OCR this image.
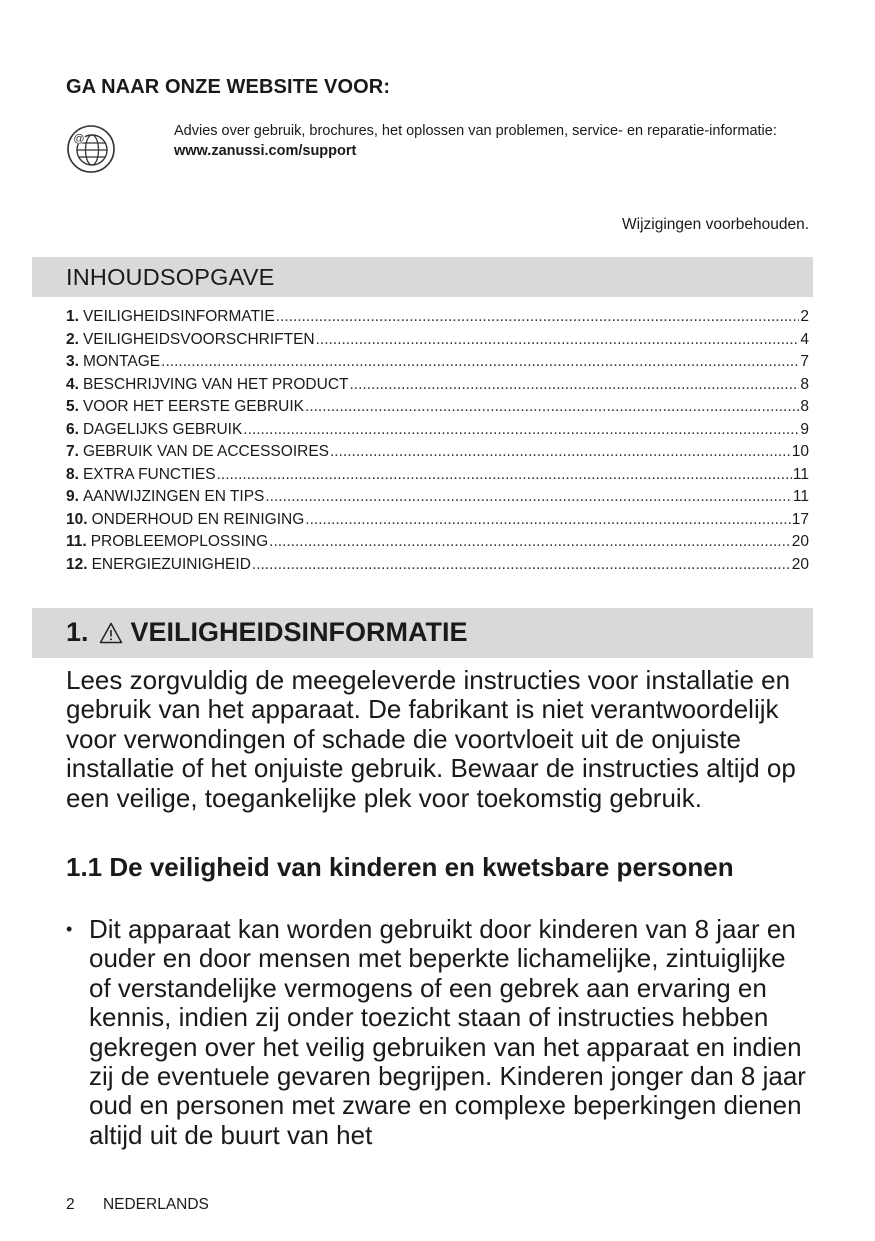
GA NAAR ONZE WEBSITE VOOR:
@	Advies over gebruik, brochures, het oplossen van problemen, service- en reparatie-informatie:
www.zanussi.com/support
Wijzigingen voorbehouden.
INHOUDSOPGAVE
1. VEILIGHEIDSINFORMATIE .....	2
2. VEILIGHEIDSVOORSCHRIFTEN .....	4
3. MONTAGE .....	7
4. BESCHRIJVING VAN HET PRODUCT .....	8
5. VOOR HET EERSTE GEBRUIK .....	8
6. DAGELIJKS GEBRUIK .....	9
7. GEBRUIK VAN DE ACCESSOIRES .....	10
8. EXTRA FUNCTIES .....	11
9. AANWIJZINGEN EN TIPS .....	11
10. ONDERHOUD EN REINIGING .....	17
11. PROBLEEMOPLOSSING .....	20
12. ENERGIEZUINIGHEID .....	20
1. VEILIGHEIDSINFORMATIE

Lees zorgvuldig de meegeleverde instructies voor installatie en gebruik van het apparaat. De fabrikant is niet verantwoordelijk voor verwondingen of schade die voortvloeit uit de onjuiste installatie of het onjuiste gebruik. Bewaar de instructies altijd op een veilige, toegankelijke plek voor toekomstig gebruik.

1.1 De veiligheid van kinderen en kwetsbare personen
• Dit apparaat kan worden gebruikt door kinderen van 8 jaar en ouder en door mensen met beperkte lichamelijke, zintuiglijke of verstandelijke vermogens of een gebrek aan ervaring en kennis, indien zij onder toezicht staan of instructies hebben gekregen over het veilig gebruiken van het apparaat en indien zij de eventuele gevaren begrijpen. Kinderen jonger dan 8 jaar oud en personen met zware en complexe beperkingen dienen altijd uit de buurt van het
2 NEDERLANDS
